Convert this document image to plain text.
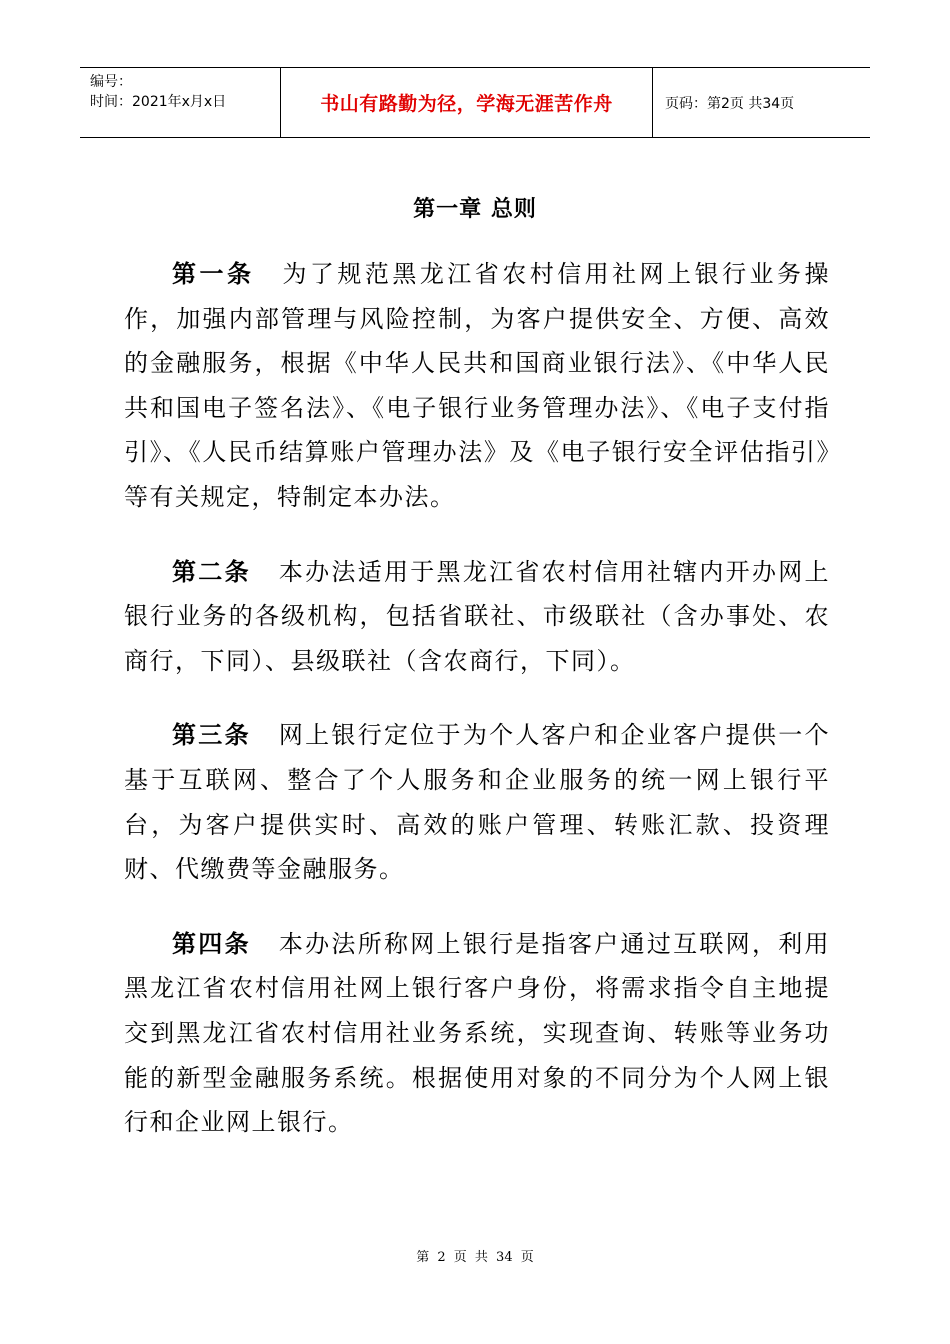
编号：
时间：2021年x月x日	书山有路勤为径，学海无涯苦作舟	页码：第2页 共34页
第一章 总则

第一条 为了规范黑龙江省农村信用社网上银行业务操作，加强内部管理与风险控制，为客户提供安全、方便、高效的金融服务，根据《中华人民共和国商业银行法》、《中华人民共和国电子签名法》、《电子银行业务管理办法》、《电子支付指引》、《人民币结算账户管理办法》及《电子银行安全评估指引》等有关规定，特制定本办法。

第二条 本办法适用于黑龙江省农村信用社辖内开办网上银行业务的各级机构，包括省联社、市级联社（含办事处、农商行，下同）、县级联社（含农商行，下同）。

第三条 网上银行定位于为个人客户和企业客户提供一个基于互联网、整合了个人服务和企业服务的统一网上银行平台，为客户提供实时、高效的账户管理、转账汇款、投资理财、代缴费等金融服务。

第四条 本办法所称网上银行是指客户通过互联网，利用黑龙江省农村信用社网上银行客户身份，将需求指令自主地提交到黑龙江省农村信用社业务系统，实现查询、转账等业务功能的新型金融服务系统。根据使用对象的不同分为个人网上银行和企业网上银行。

第 2 页 共 34 页
